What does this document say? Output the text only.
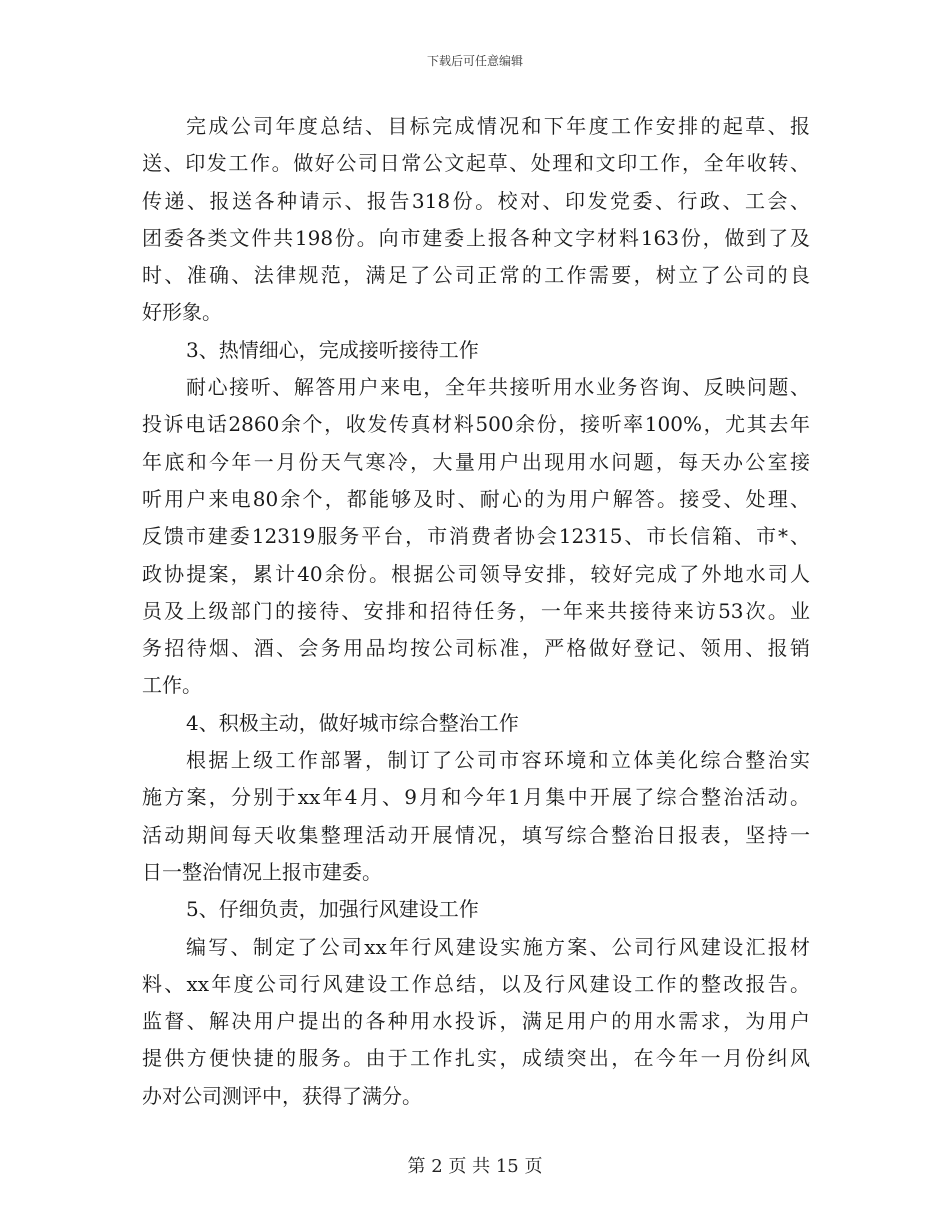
下载后可任意编辑
完成公司年度总结、目标完成情况和下年度工作安排的起草、报
送、印发工作。做好公司日常公文起草、处理和文印工作，全年收转、
传递、报送各种请示、报告318份。校对、印发党委、行政、工会、
团委各类文件共198份。向市建委上报各种文字材料163份，做到了及
时、准确、法律规范，满足了公司正常的工作需要，树立了公司的良
好形象。
3、热情细心，完成接听接待工作
耐心接听、解答用户来电，全年共接听用水业务咨询、反映问题、
投诉电话2860余个，收发传真材料500余份，接听率100%，尤其去年
年底和今年一月份天气寒冷，大量用户出现用水问题，每天办公室接
听用户来电80余个，都能够及时、耐心的为用户解答。接受、处理、
反馈市建委12319服务平台，市消费者协会12315、市长信箱、市*、
政协提案，累计40余份。根据公司领导安排，较好完成了外地水司人
员及上级部门的接待、安排和招待任务，一年来共接待来访53次。业
务招待烟、酒、会务用品均按公司标准，严格做好登记、领用、报销
工作。
4、积极主动，做好城市综合整治工作
根据上级工作部署，制订了公司市容环境和立体美化综合整治实
施方案，分别于xx年4月、9月和今年1月集中开展了综合整治活动。
活动期间每天收集整理活动开展情况，填写综合整治日报表，坚持一
日一整治情况上报市建委。
5、仔细负责，加强行风建设工作
编写、制定了公司xx年行风建设实施方案、公司行风建设汇报材
料、xx年度公司行风建设工作总结，以及行风建设工作的整改报告。
监督、解决用户提出的各种用水投诉，满足用户的用水需求，为用户
提供方便快捷的服务。由于工作扎实，成绩突出，在今年一月份纠风
办对公司测评中，获得了满分。
第 2 页 共 15 页
